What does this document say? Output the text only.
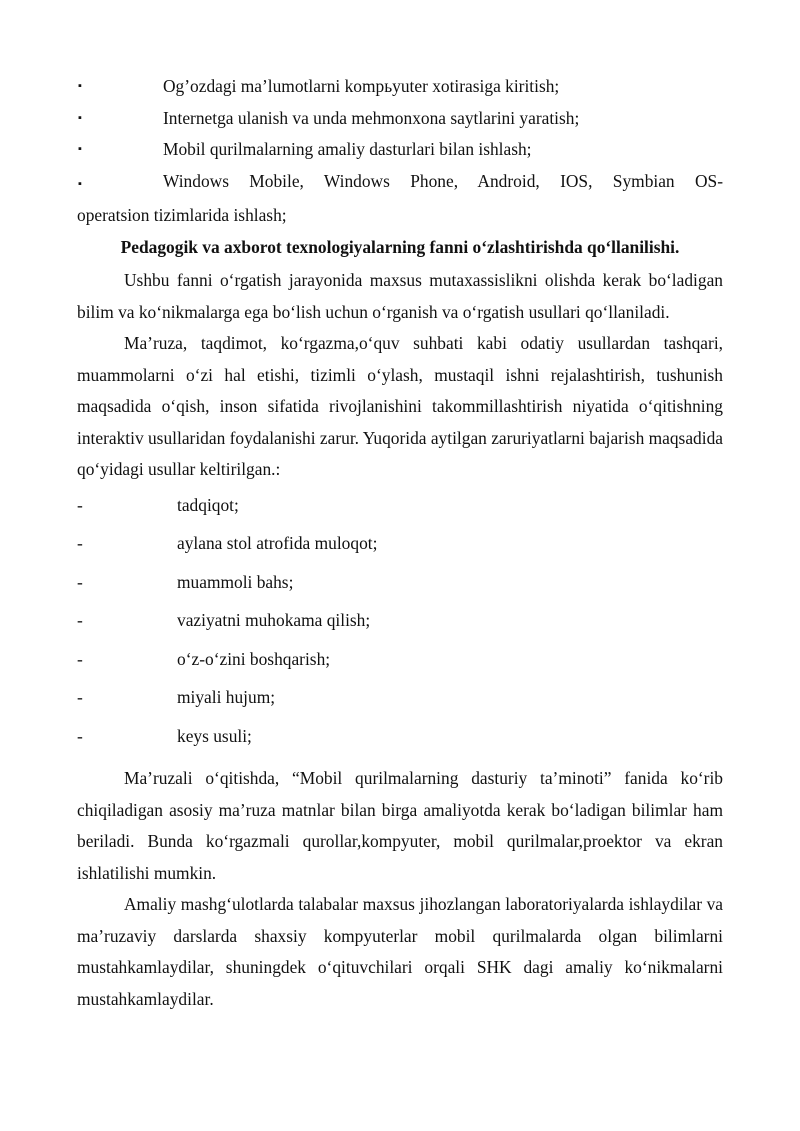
▪	Og’ozdagi ma’lumotlarni kompьyuter xotirasiga kiritish;
▪	Internetga ulanish va unda mehmonxona saytlarini yaratish;
▪	Mobil qurilmalarning amaliy dasturlari bilan ishlash;
▪	Windows Mobile, Windows Phone, Android, IOS, Symbian OS-
operatsion tizimlarida ishlash;
Pedagogik va axborot texnologiyalarning fanni o‘zlashtirishda qo‘llanilishi.

Ushbu fanni o‘rgatish jarayonida maxsus mutaxassislikni olishda kerak bo‘ladigan bilim va ko‘nikmalarga ega bo‘lish uchun o‘rganish va o‘rgatish usullari qo‘llaniladi.

Ma’ruza, taqdimot, ko‘rgazma,o‘quv suhbati kabi odatiy usullardan tashqari, muammolarni o‘zi hal etishi, tizimli o‘ylash, mustaqil ishni rejalashtirish, tushunish maqsadida o‘qish, inson sifatida rivojlanishini takommillashtirish niyatida o‘qitishning interaktiv usullaridan foydalanishi zarur. Yuqorida aytilgan zaruriyatlarni bajarish maqsadida qo‘yidagi usullar keltirilgan.:

-	tadqiqot;
-	aylana stol atrofida muloqot;
-	muammoli bahs;
-	vaziyatni muhokama qilish;
-	o‘z-o‘zini boshqarish;
-	miyali hujum;
-	keys usuli;

Ma’ruzali o‘qitishda, “Mobil qurilmalarning dasturiy ta’minoti” fanida ko‘rib chiqiladigan asosiy ma’ruza matnlar bilan birga amaliyotda kerak bo‘ladigan bilimlar ham beriladi. Bunda ko‘rgazmali qurollar,kompyuter, mobil qurilmalar,proektor va ekran ishlatilishi mumkin.

Amaliy mashg‘ulotlarda talabalar maxsus jihozlangan laboratoriyalarda ishlaydilar va ma’ruzaviy darslarda shaxsiy kompyuterlar mobil qurilmalarda olgan bilimlarni mustahkamlaydilar, shuningdek o‘qituvchilari orqali SHK dagi amaliy ko‘nikmalarni mustahkamlaydilar.
